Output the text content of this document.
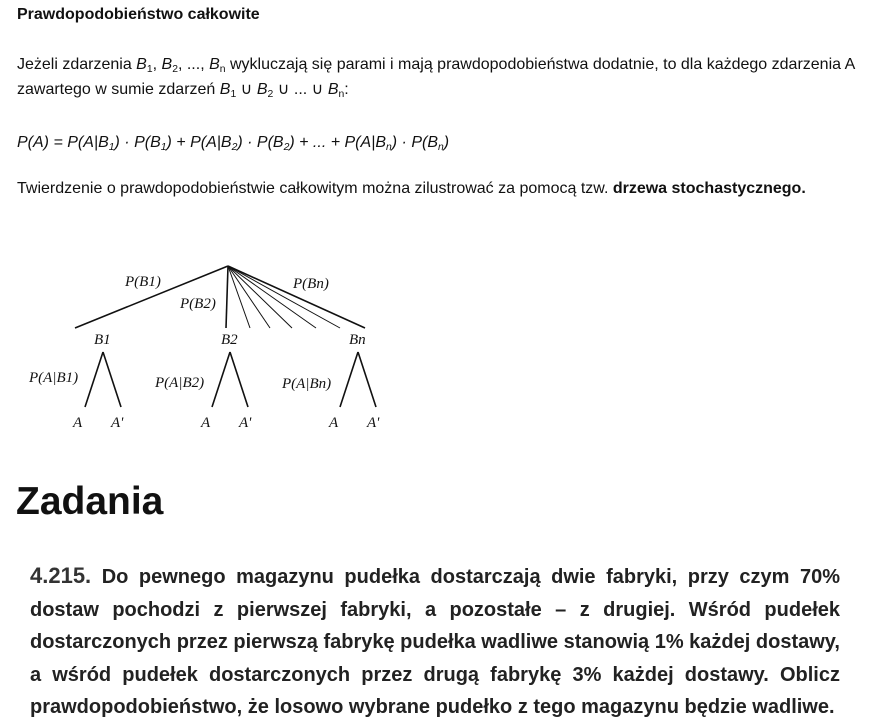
Prawdopodobieństwo całkowite

Jeżeli zdarzenia $B_1$, $B_2$, ..., $B_n$ wykluczają się parami i mają prawdopodobieństwa dodatnie, to dla każdego zdarzenia A zawartego w sumie zdarzeń $B_1$ ∪ $B_2$ ∪ ... ∪ $B_n$:

$P(A) = P(A|B_1) \cdot P(B_1) + P(A|B_2) \cdot P(B_2)$ + ... + $P(A|B_n) \cdot P(B_n)$

Twierdzenie o prawdopodobieństwie całkowitym można zilustrować za pomocą tzw. drzewa stochastycznego.

P(B1)
P(B2)
P(Bn)
B1	B2	Bn
P(A|B1)	P(A|B2)	P(A|Bn)
A A'	A A'	A A'
Zadania

4.215. Do pewnego magazynu pudełka dostarczają dwie fabryki, przy czym 70% dostaw pochodzi z pierwszej fabryki, a pozostałe – z drugiej. Wśród pudełek dostarczonych przez pierwszą fabrykę pudełka wadliwe stanowią 1% każdej dostawy, a wśród pudełek dostarczonych przez drugą fabrykę 3% każdej dostawy. Oblicz prawdopodobieństwo, że losowo wybrane pudełko z tego magazynu będzie wadliwe.
